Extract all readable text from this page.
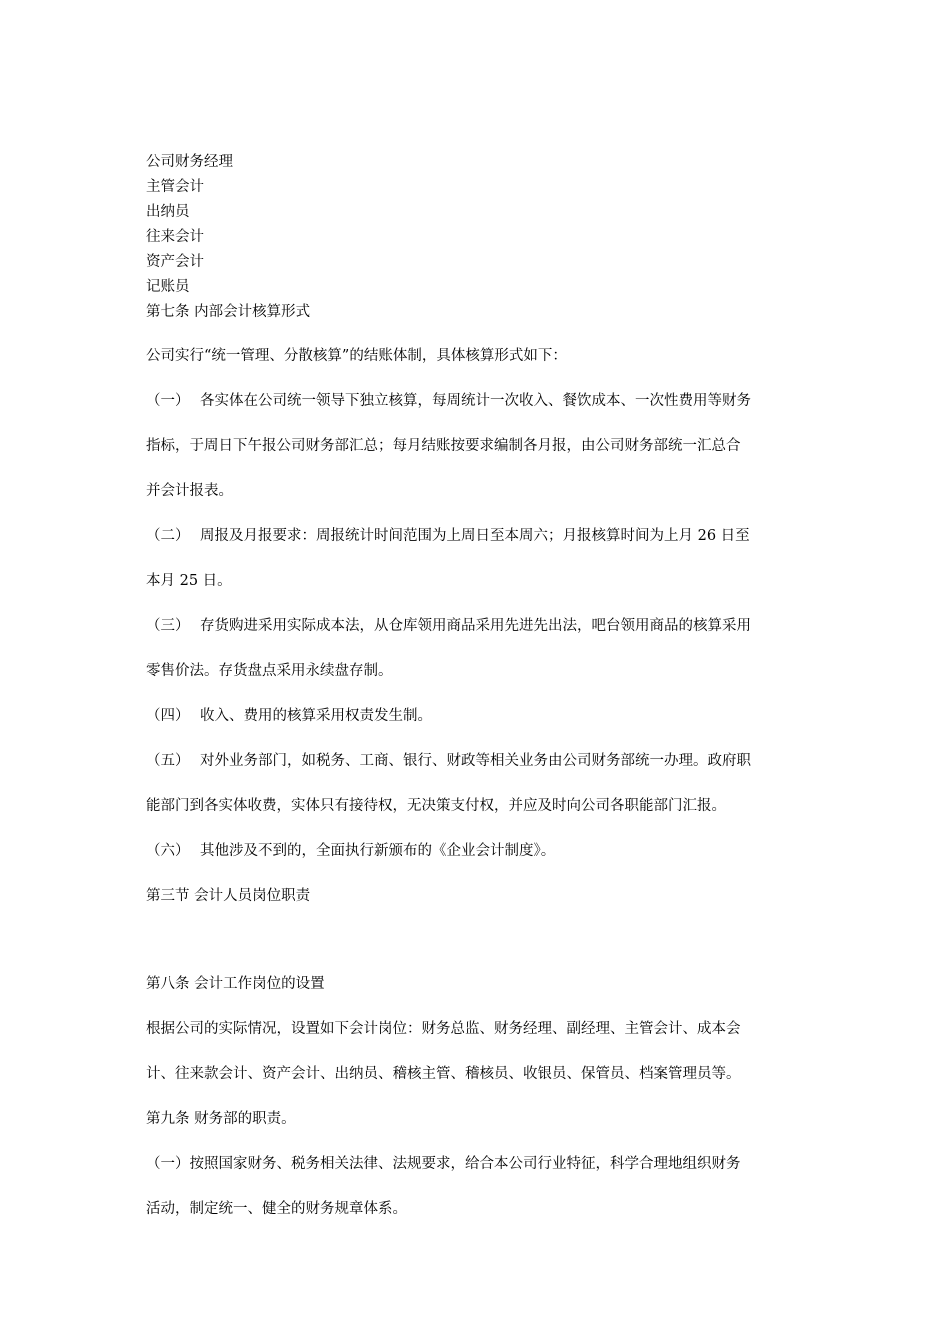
公司财务经理
主管会计
出纳员
往来会计
资产会计
记账员
第七条 内部会计核算形式
公司实行“统一管理、分散核算”的结账体制，具体核算形式如下：
（一） 各实体在公司统一领导下独立核算，每周统计一次收入、餐饮成本、一次性费用等财务
指标，于周日下午报公司财务部汇总；每月结账按要求编制各月报，由公司财务部统一汇总合
并会计报表。
（二） 周报及月报要求：周报统计时间范围为上周日至本周六；月报核算时间为上月 26 日至
本月 25 日。
（三） 存货购进采用实际成本法，从仓库领用商品采用先进先出法，吧台领用商品的核算采用
零售价法。存货盘点采用永续盘存制。
（四） 收入、费用的核算采用权责发生制。
（五） 对外业务部门，如税务、工商、银行、财政等相关业务由公司财务部统一办理。政府职
能部门到各实体收费，实体只有接待权，无决策支付权，并应及时向公司各职能部门汇报。
（六） 其他涉及不到的，全面执行新颁布的《企业会计制度》。
第三节 会计人员岗位职责
第八条 会计工作岗位的设置
根据公司的实际情况，设置如下会计岗位：财务总监、财务经理、副经理、主管会计、成本会
计、往来款会计、资产会计、出纳员、稽核主管、稽核员、收银员、保管员、档案管理员等。
第九条 财务部的职责。
（一）按照国家财务、税务相关法律、法规要求，给合本公司行业特征，科学合理地组织财务
活动，制定统一、健全的财务规章体系。
